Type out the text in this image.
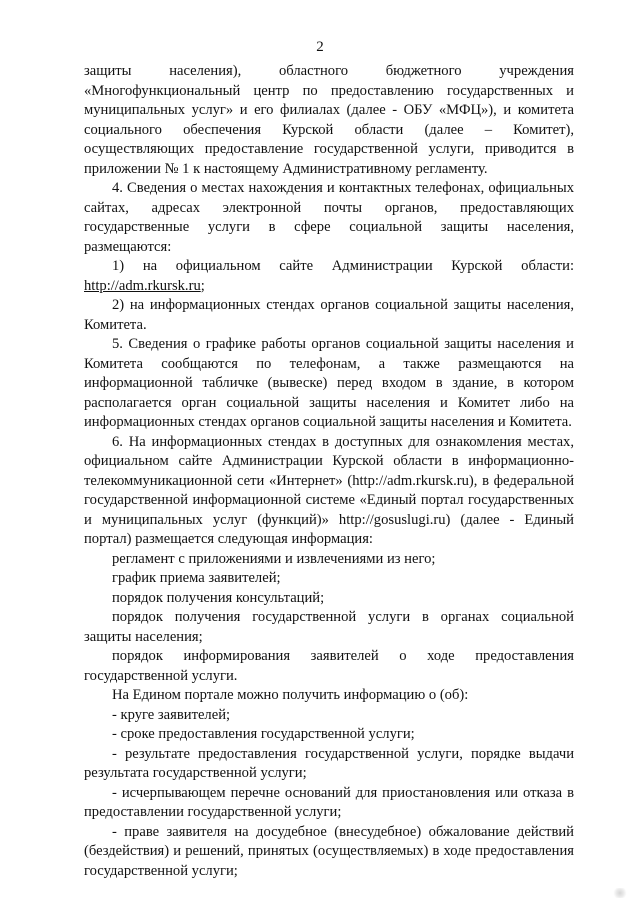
2

защиты населения), областного бюджетного учреждения «Многофункциональный центр по предоставлению государственных и муниципальных услуг» и его филиалах (далее - ОБУ «МФЦ»), и комитета социального обеспечения Курской области (далее – Комитет), осуществляющих предоставление государственной услуги, приводится в приложении № 1 к настоящему Административному регламенту.

4. Сведения о местах нахождения и контактных телефонах, официальных сайтах, адресах электронной почты органов, предоставляющих государственные услуги в сфере социальной защиты населения, размещаются:

1) на официальном сайте Администрации Курской области: http://adm.rkursk.ru;

2) на информационных стендах органов социальной защиты населения, Комитета.

5. Сведения о графике работы органов социальной защиты населения и Комитета сообщаются по телефонам, а также размещаются на информационной табличке (вывеске) перед входом в здание, в котором располагается орган социальной защиты населения и Комитет либо на информационных стендах органов социальной защиты населения и Комитета.

6. На информационных стендах в доступных для ознакомления местах, официальном сайте Администрации Курской области в информационно-телекоммуникационной сети «Интернет» (http://adm.rkursk.ru), в федеральной государственной информационной системе «Единый портал государственных и муниципальных услуг (функций)» http://gosuslugi.ru) (далее - Единый портал) размещается следующая информация:

регламент с приложениями и извлечениями из него;

график приема заявителей;

порядок получения консультаций;

порядок получения государственной услуги в органах социальной защиты населения;

порядок информирования заявителей о ходе предоставления государственной услуги.

На Едином портале можно получить информацию о (об):

- круге заявителей;

- сроке предоставления государственной услуги;

- результате предоставления государственной услуги, порядке выдачи результата государственной услуги;

- исчерпывающем перечне оснований для приостановления или отказа в предоставлении государственной услуги;

- праве заявителя на досудебное (внесудебное) обжалование действий (бездействия) и решений, принятых (осуществляемых) в ходе предоставления государственной услуги;
